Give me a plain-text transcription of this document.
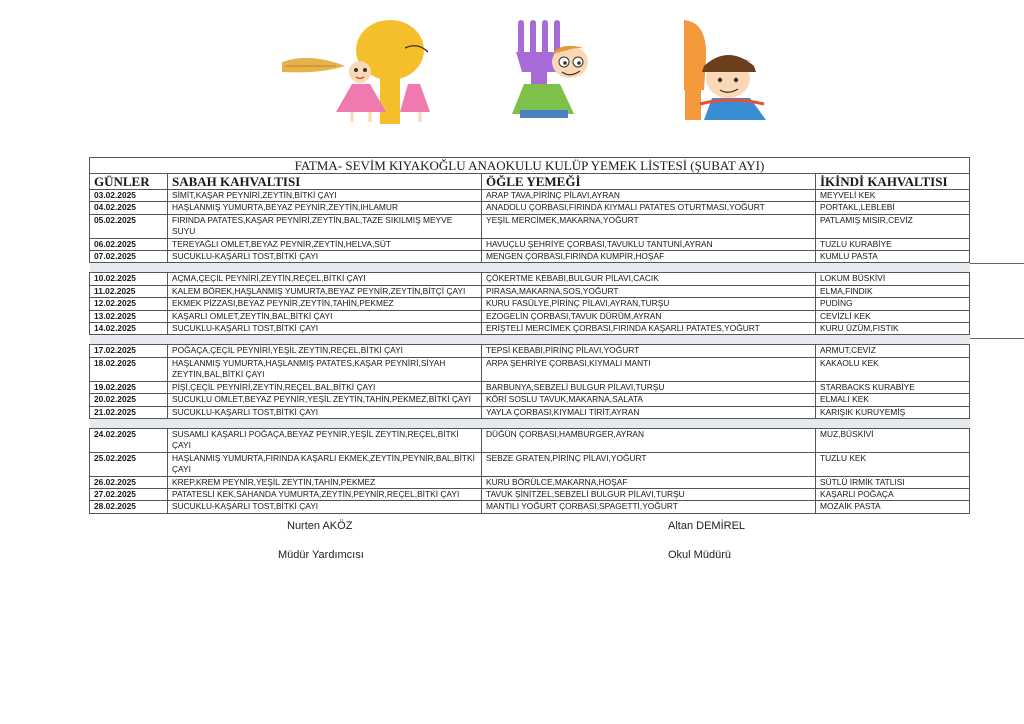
FATMA- SEVİM KIYAKOĞLU ANAOKULU KULÜP YEMEK LİSTESİ (ŞUBAT AYI)			
GÜNLER	SABAH KAHVALTISI	ÖĞLE YEMEĞİ	İKİNDİ KAHVALTISI
03.02.2025	SİMİT,KAŞAR PEYNİRİ,ZEYTİN,BİTKİ ÇAYI	ARAP TAVA,PİRİNÇ PİLAVI,AYRAN	MEYVELİ KEK
04.02.2025	HAŞLANMIŞ YUMURTA,BEYAZ PEYNİR,ZEYTİN,IHLAMUR	ANADOLU ÇORBASI,FIRINDA KIYMALI PATATES OTURTMASI,YOĞURT	PORTAKL,LEBLEBİ
05.02.2025	FIRINDA PATATES,KAŞAR PEYNİRİ,ZEYTİN,BAL,TAZE SIKILMIŞ MEYVE SUYU	YEŞİL MERCİMEK,MAKARNA,YOĞURT	PATLAMIŞ MISIR,CEVİZ
06.02.2025	TEREYAĞLI OMLET,BEYAZ PEYNİR,ZEYTİN,HELVA,SÜT	HAVUÇLU ŞEHRİYE ÇORBASI,TAVUKLU TANTUNİ,AYRAN	TUZLU KURABİYE
07.02.2025	SUCUKLU-KAŞARLI TOST,BİTKİ ÇAYI	MENGEN ÇORBASI,FIRINDA KUMPİR,HOŞAF	KUMLU PASTA

10.02.2025	AÇMA,ÇEÇİL PEYNİRİ,ZEYTİN,REÇEL,BİTKİ ÇAYI	ÇÖKERTME KEBABI,BULGUR PİLAVI,CACIK	LOKUM BÜSKİVİ
11.02.2025	KALEM BÖREK,HAŞLANMIŞ YUMURTA,BEYAZ PEYNİR,ZEYTİN,BİTÇİ ÇAYI	PIRASA,MAKARNA,SOS,YOĞURT	ELMA,FINDIK
12.02.2025	EKMEK PİZZASI,BEYAZ PEYNİR,ZEYTİN,TAHİN,PEKMEZ	KURU FASÜLYE,PİRİNÇ PİLAVI,AYRAN,TURŞU	PUDİNG
13.02.2025	KAŞARLI OMLET,ZEYTİN,BAL,BİTKİ ÇAYI	EZOGELİN ÇORBASI,TAVUK DÜRÜM,AYRAN	CEVİZLİ KEK
14.02.2025	SUCUKLU-KAŞARLI TOST,BİTKİ ÇAYI	ERİŞTELİ MERCİMEK ÇORBASI,FIRINDA KAŞARLI PATATES,YOĞURT	KURU ÜZÜM,FISTIK

17.02.2025	POĞAÇA,ÇEÇİL PEYNİRİ,YEŞİL ZEYTİN,REÇEL,BİTKİ ÇAYI	TEPSİ KEBABI,PİRİNÇ PİLAVI,YOĞURT	ARMUT,CEVİZ
18.02.2025	HAŞLANMIŞ YUMURTA,HAŞLANMIŞ PATATES,KAŞAR PEYNİRİ,SİYAH ZEYTİN,BAL,BİTKİ ÇAYI	ARPA ŞEHRİYE ÇORBASI,KIYMALI MANTI	KAKAOLU KEK
19.02.2025	PİŞİ,ÇEÇİL PEYNİRİ,ZEYTİN,REÇEL,BAL,BİTKİ ÇAYI	BARBUNYA,SEBZELİ BULGUR PİLAVI,TURŞU	STARBACKS KURABİYE
20.02.2025	SUCUKLU OMLET,BEYAZ PEYNİR,YEŞİL ZEYTİN,TAHİN,PEKMEZ,BİTKİ ÇAYI	KÖRİ SOSLU TAVUK,MAKARNA,SALATA	ELMALI KEK
21.02.2025	SUCUKLU-KAŞARLI TOST,BİTKİ ÇAYI	YAYLA ÇORBASI,KIYMALI TİRİT,AYRAN	KARIŞIK KURUYEMİŞ

24.02.2025	SUSAMLI KAŞARLI POĞAÇA,BEYAZ PEYNİR,YEŞİL ZEYTİN,REÇEL,BİTKİ ÇAYI	DÜĞÜN ÇORBASI,HAMBURGER,AYRAN	MUZ,BÜSKİVİ
25.02.2025	HAŞLANMIŞ YUMURTA,FIRINDA KAŞARLI EKMEK,ZEYTİN,PEYNİR,BAL,BİTKİ ÇAYI	SEBZE GRATEN,PİRİNÇ PİLAVI,YOĞURT	TUZLU KEK
26.02.2025	KREP,KREM PEYNİR,YEŞİL ZEYTİN,TAHİN,PEKMEZ	KURU BÖRÜLCE,MAKARNA,HOŞAF	SÜTLÜ İRMİK TATLISI
27.02.2025	PATATESLİ KEK,SAHANDA YUMURTA,ZEYTİN,PEYNİR,REÇEL,BİTKİ ÇAYI	TAVUK ŞİNİTZEL,SEBZELİ BULGUR PİLAVI,TURŞU	KAŞARLI POĞAÇA
28.02.2025	SUCUKLU-KAŞARLI TOST,BİTKİ ÇAYI	MANTILI YOĞURT ÇORBASI,SPAGETTİ,YOĞURT	MOZAİK PASTA
Nurten AKÖZ
Müdür Yardımcısı
Altan DEMİREL
Okul Müdürü
